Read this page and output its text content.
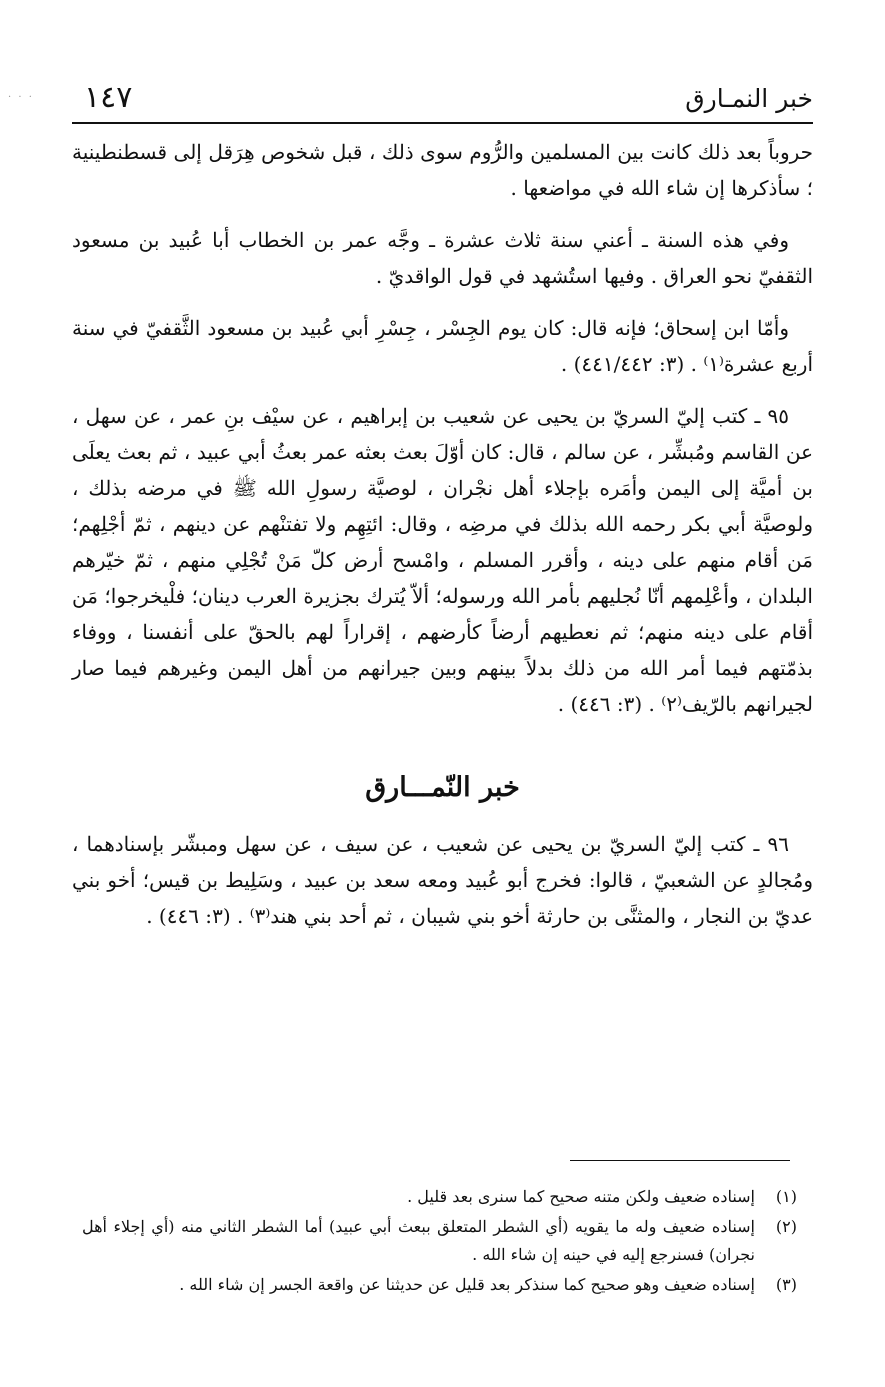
· · · ١٤٧	خبر النمـارق

حروباً بعد ذلك كانت بين المسلمين والرُّوم سوى ذلك ، قبل شخوص هِرَقل إلى قسطنطينية ؛ سأذكرها إن شاء الله في مواضعها .

وفي هذه السنة ـ أعني سنة ثلاث عشرة ـ وجَّه عمر بن الخطاب أبا عُبيد بن مسعود الثقفيّ نحو العراق . وفيها استُشهد في قول الواقديّ .

وأمّا ابن إسحاق؛ فإنه قال: كان يوم الجِسْر ، جِسْرِ أبي عُبيد بن مسعود الثَّقفيّ في سنة أربع عشرة⁽١⁾ . (٣: ٤٤١/٤٤٢) .

٩٥ ـ كتب إليّ السريّ بن يحيى عن شعيب بن إبراهيم ، عن سيْف بنِ عمر ، عن سهل ، عن القاسم ومُبشِّر ، عن سالم ، قال: كان أوّلَ بعث بعثه عمر بعثُ أبي عبيد ، ثم بعث يعلَى بن أميَّة إلى اليمن وأمَره بإجلاء أهل نجْران ، لوصيَّة رسولِ الله ﷺ في مرضه بذلك ، ولوصيَّة أبي بكر رحمه الله بذلك في مرضِه ، وقال: ائتِهِم ولا تفتنْهم عن دينهم ، ثمّ أجْلِهم؛ مَن أقام منهم على دينه ، وأقرر المسلم ، وامْسح أرض كلّ مَنْ تُجْلِي منهم ، ثمّ خيّرهم البلدان ، وأعْلِمهم أنّا نُجليهم بأمر الله ورسوله؛ ألاّ يُترك بجزيرة العرب دينان؛ فلْيخرجوا؛ مَن أقام على دينه منهم؛ ثم نعطيهم أرضاً كأرضهم ، إقراراً لهم بالحقّ على أنفسنا ، ووفاء بذمّتهم فيما أمر الله من ذلك بدلاً بينهم وبين جيرانهم من أهل اليمن وغيرهم فيما صار لجيرانهم بالرّيف⁽٢⁾ . (٣: ٤٤٦) .

خبر النّمـــارق

٩٦ ـ كتب إليّ السريّ بن يحيى عن شعيب ، عن سيف ، عن سهل ومبشّر بإسنادهما ، ومُجالدٍ عن الشعبيّ ، قالوا: فخرج أبو عُبيد ومعه سعد بن عبيد ، وسَلِيط بن قيس؛ أخو بني عديّ بن النجار ، والمثنَّى بن حارثة أخو بني شيبان ، ثم أحد بني هند⁽٣⁾ . (٣: ٤٤٦) .

(١)
إسناده ضعيف ولكن متنه صحيح كما سنرى بعد قليل .
(٢)
إسناده ضعيف وله ما يقويه (أي الشطر المتعلق ببعث أبي عبيد) أما الشطر الثاني منه (أي إجلاء أهل نجران) فسنرجع إليه في حينه إن شاء الله .
(٣)
إسناده ضعيف وهو صحيح كما سنذكر بعد قليل عن حديثنا عن واقعة الجسر إن شاء الله .
